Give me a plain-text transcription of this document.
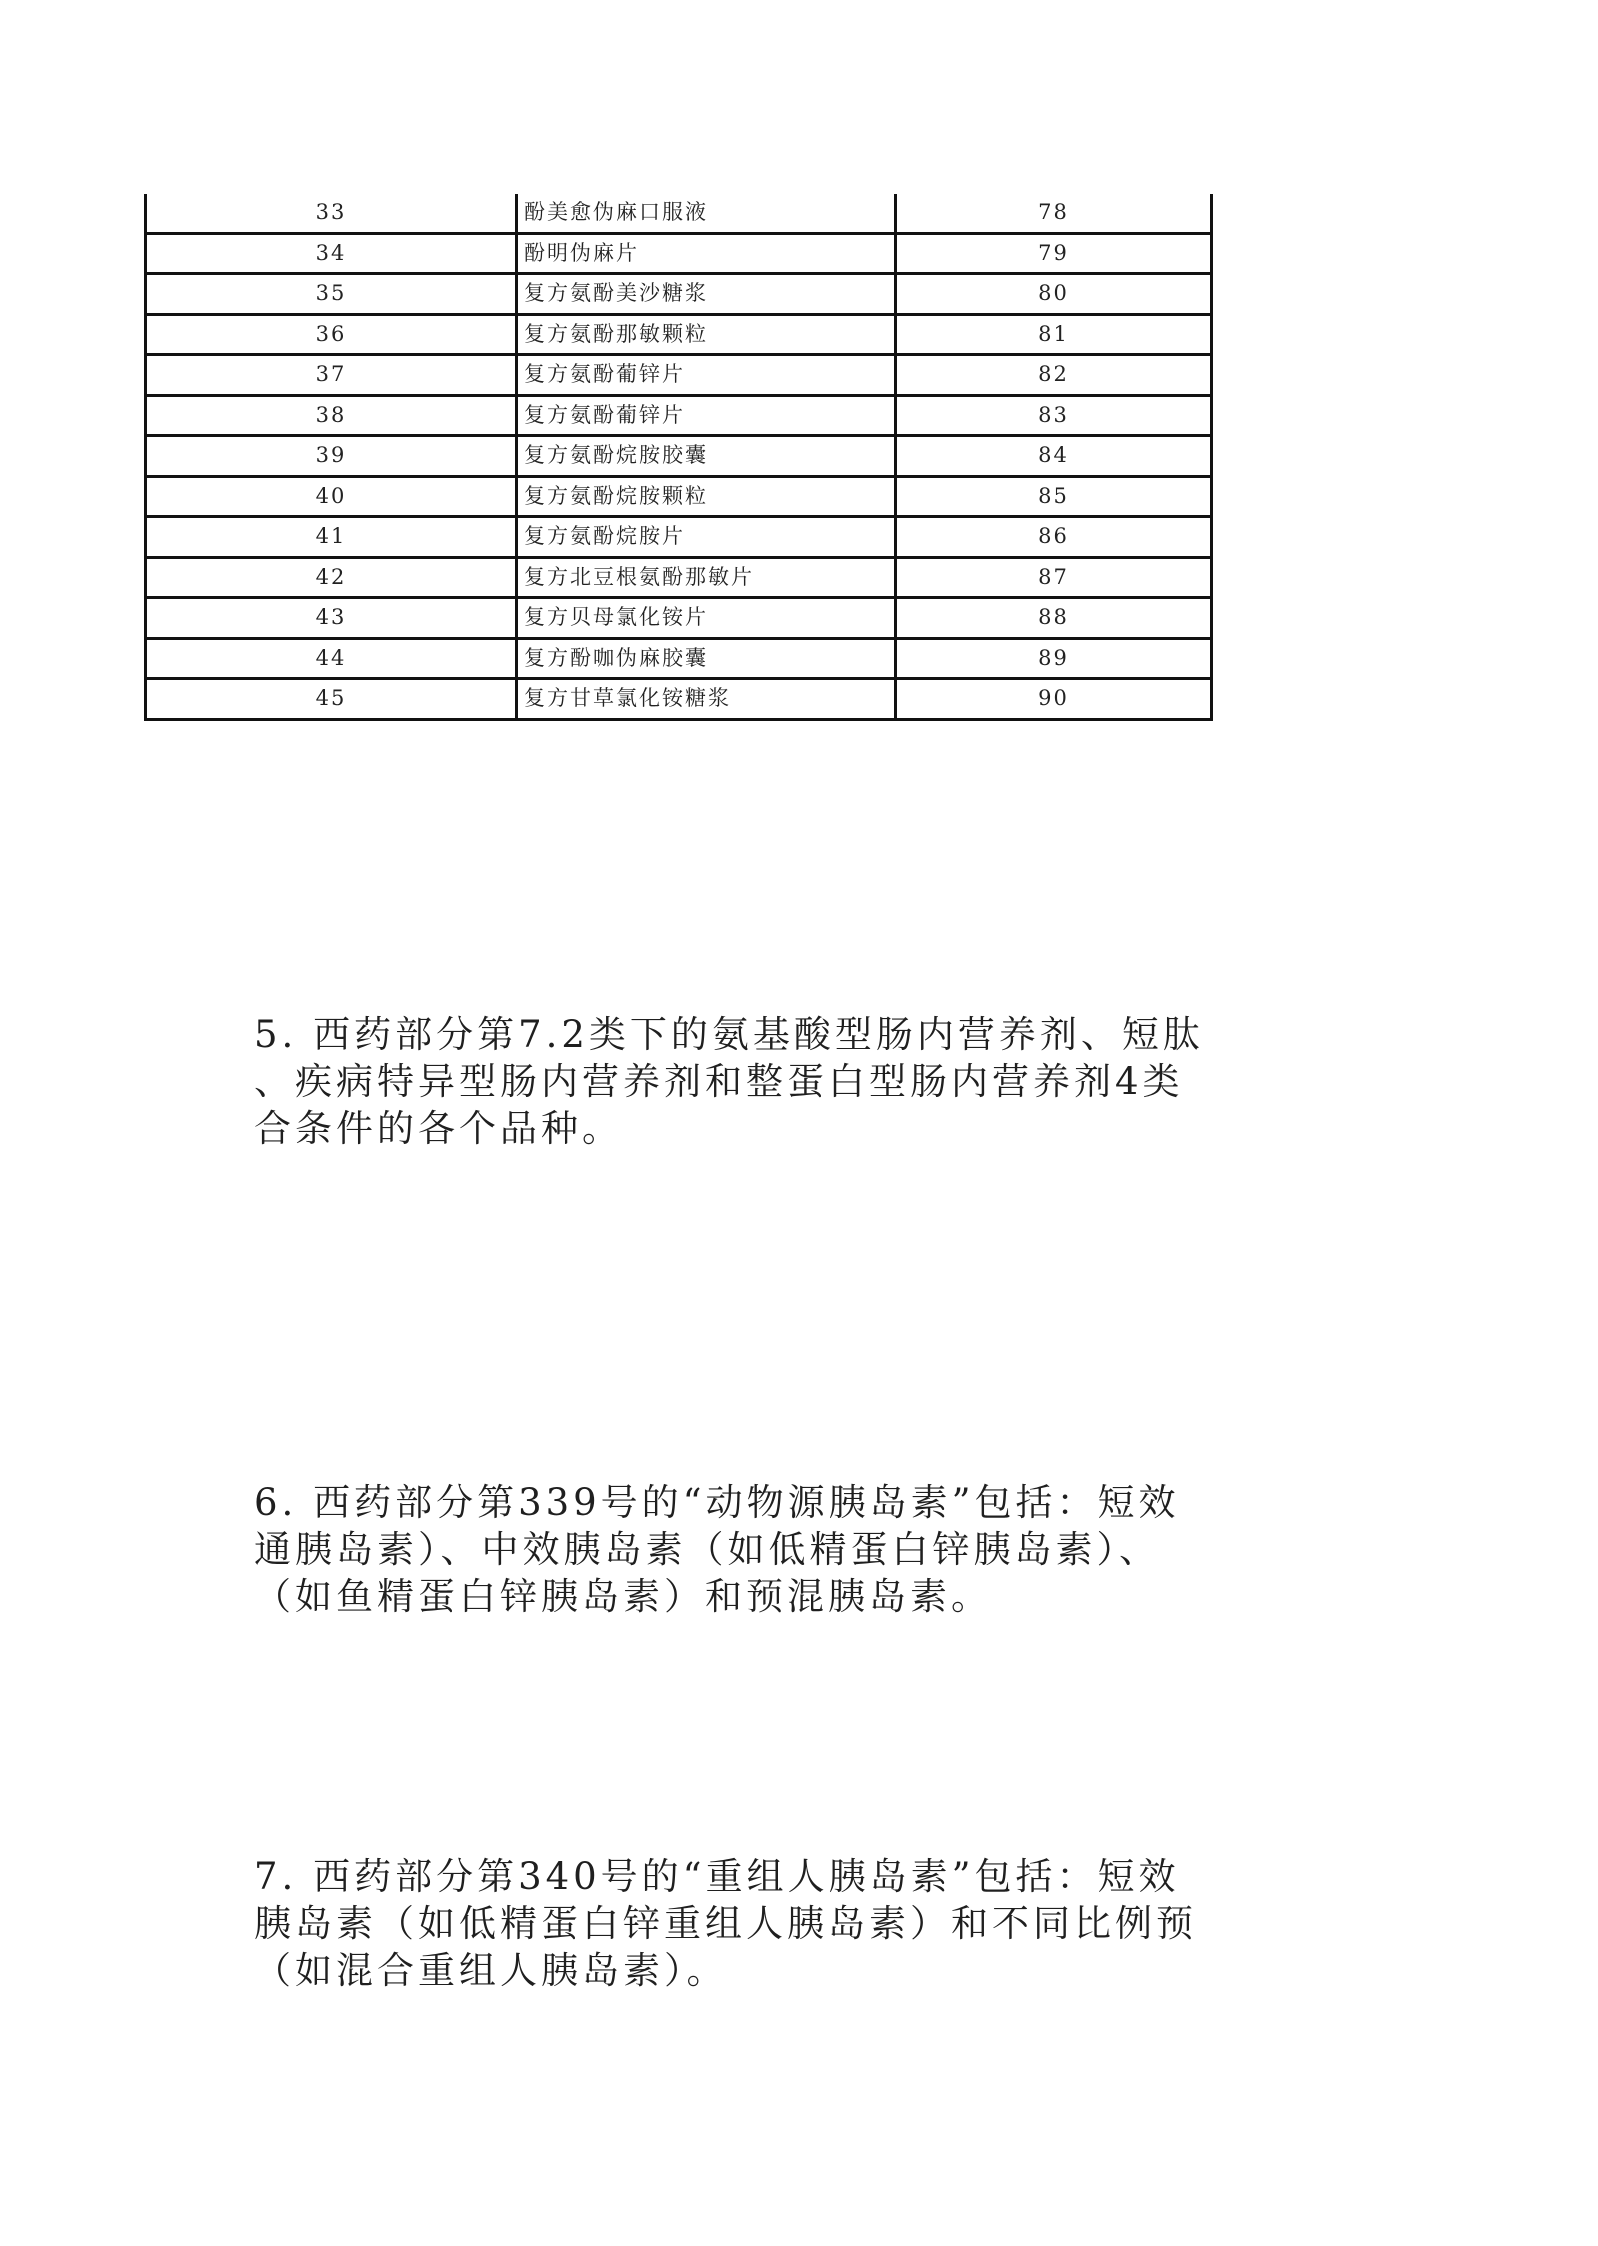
33	酚美愈伪麻口服液	78
34	酚明伪麻片	79
35	复方氨酚美沙糖浆	80
36	复方氨酚那敏颗粒	81
37	复方氨酚葡锌片	82
38	复方氨酚葡锌片	83
39	复方氨酚烷胺胶囊	84
40	复方氨酚烷胺颗粒	85
41	复方氨酚烷胺片	86
42	复方北豆根氨酚那敏片	87
43	复方贝母氯化铵片	88
44	复方酚咖伪麻胶囊	89
45	复方甘草氯化铵糖浆	90
5. 西药部分第7.2类下的氨基酸型肠内营养剂、短肽
、疾病特异型肠内营养剂和整蛋白型肠内营养剂4类
合条件的各个品种。
6. 西药部分第339号的“动物源胰岛素”包括：短效
通胰岛素）、中效胰岛素（如低精蛋白锌胰岛素）、
（如鱼精蛋白锌胰岛素）和预混胰岛素。
7. 西药部分第340号的“重组人胰岛素”包括：短效
胰岛素（如低精蛋白锌重组人胰岛素）和不同比例预
（如混合重组人胰岛素）。
